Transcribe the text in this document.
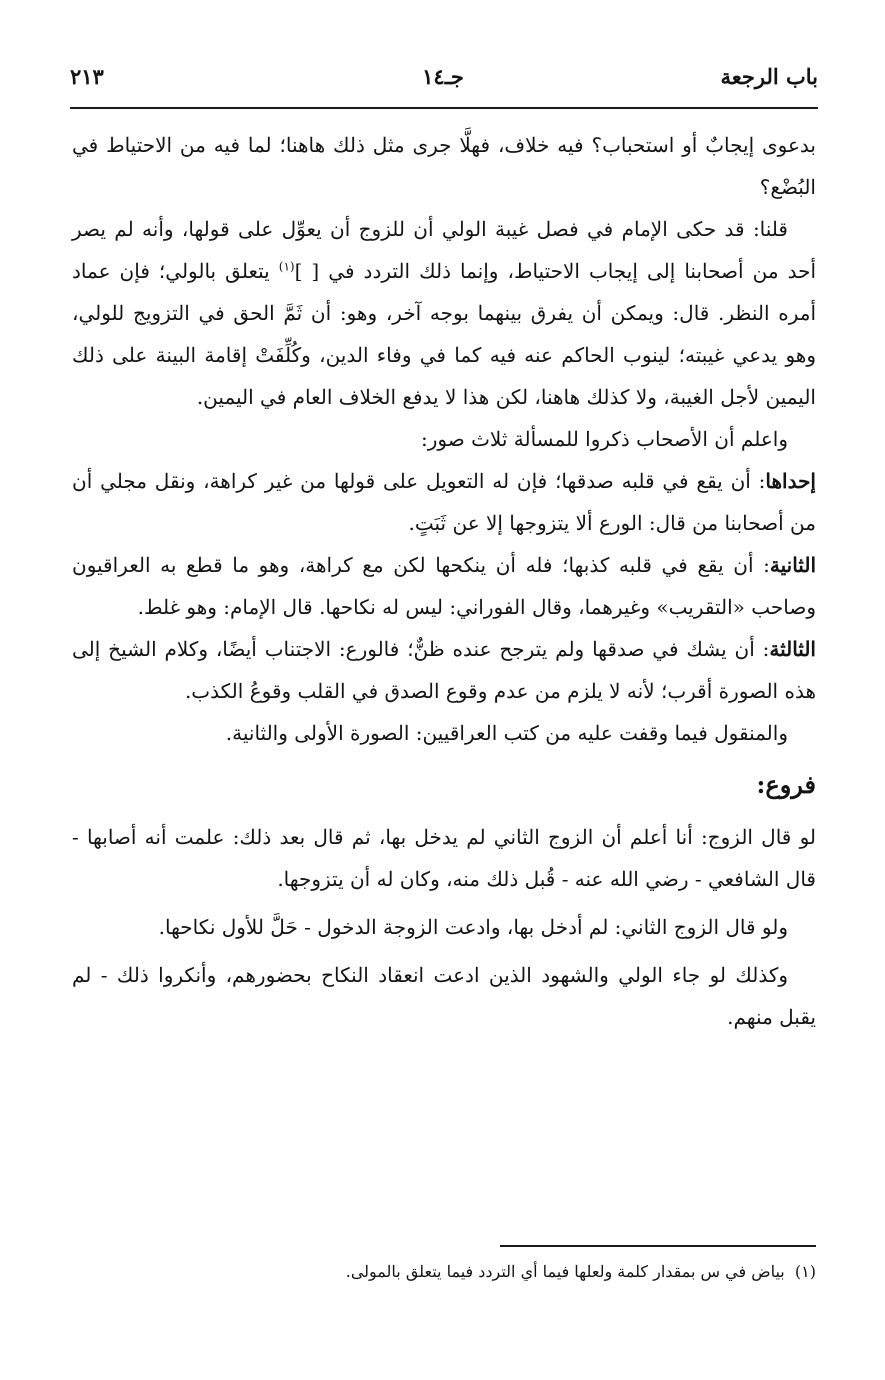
باب الرجعة
جـ١٤
٢١٣

بدعوى إيجابٌ أو استحباب؟ فيه خلاف، فهلَّا جرى مثل ذلك هاهنا؛ لما فيه من الاحتياط في البُضْع؟

قلنا: قد حكى الإمام في فصل غيبة الولي أن للزوج أن يعوِّل على قولها، وأنه لم يصر أحد من أصحابنا إلى إيجاب الاحتياط، وإنما ذلك التردد في [ ]$^{(١)}$ يتعلق بالولي؛ فإن عماد أمره النظر. قال: ويمكن أن يفرق بينهما بوجه آخر، وهو: أن ثَمَّ الحق في التزويج للولي، وهو يدعي غيبته؛ لينوب الحاكم عنه فيه كما في وفاء الدين، وكُلِّفَتْ إقامة البينة على ذلك اليمين لأجل الغيبة، ولا كذلك هاهنا، لكن هذا لا يدفع الخلاف العام في اليمين.

واعلم أن الأصحاب ذكروا للمسألة ثلاث صور:

إحداها: أن يقع في قلبه صدقها؛ فإن له التعويل على قولها من غير كراهة، ونقل مجلي أن من أصحابنا من قال: الورع ألا يتزوجها إلا عن ثَبَتٍ.

الثانية: أن يقع في قلبه كذبها؛ فله أن ينكحها لكن مع كراهة، وهو ما قطع به العراقيون وصاحب «التقريب» وغيرهما، وقال الفوراني: ليس له نكاحها. قال الإمام: وهو غلط.

الثالثة: أن يشك في صدقها ولم يترجح عنده ظنٌّ؛ فالورع: الاجتناب أيضًا، وكلام الشيخ إلى هذه الصورة أقرب؛ لأنه لا يلزم من عدم وقوع الصدق في القلب وقوعُ الكذب.

والمنقول فيما وقفت عليه من كتب العراقيين: الصورة الأولى والثانية.

فروع:

لو قال الزوج: أنا أعلم أن الزوج الثاني لم يدخل بها، ثم قال بعد ذلك: علمت أنه أصابها - قال الشافعي - رضي الله عنه - قُبل ذلك منه، وكان له أن يتزوجها.

ولو قال الزوج الثاني: لم أدخل بها، وادعت الزوجة الدخول - حَلَّ للأول نكاحها.

وكذلك لو جاء الولي والشهود الذين ادعت انعقاد النكاح بحضورهم، وأنكروا ذلك - لم يقبل منهم.

(١)  بياض في س بمقدار كلمة ولعلها فيما أي التردد فيما يتعلق بالمولى.
